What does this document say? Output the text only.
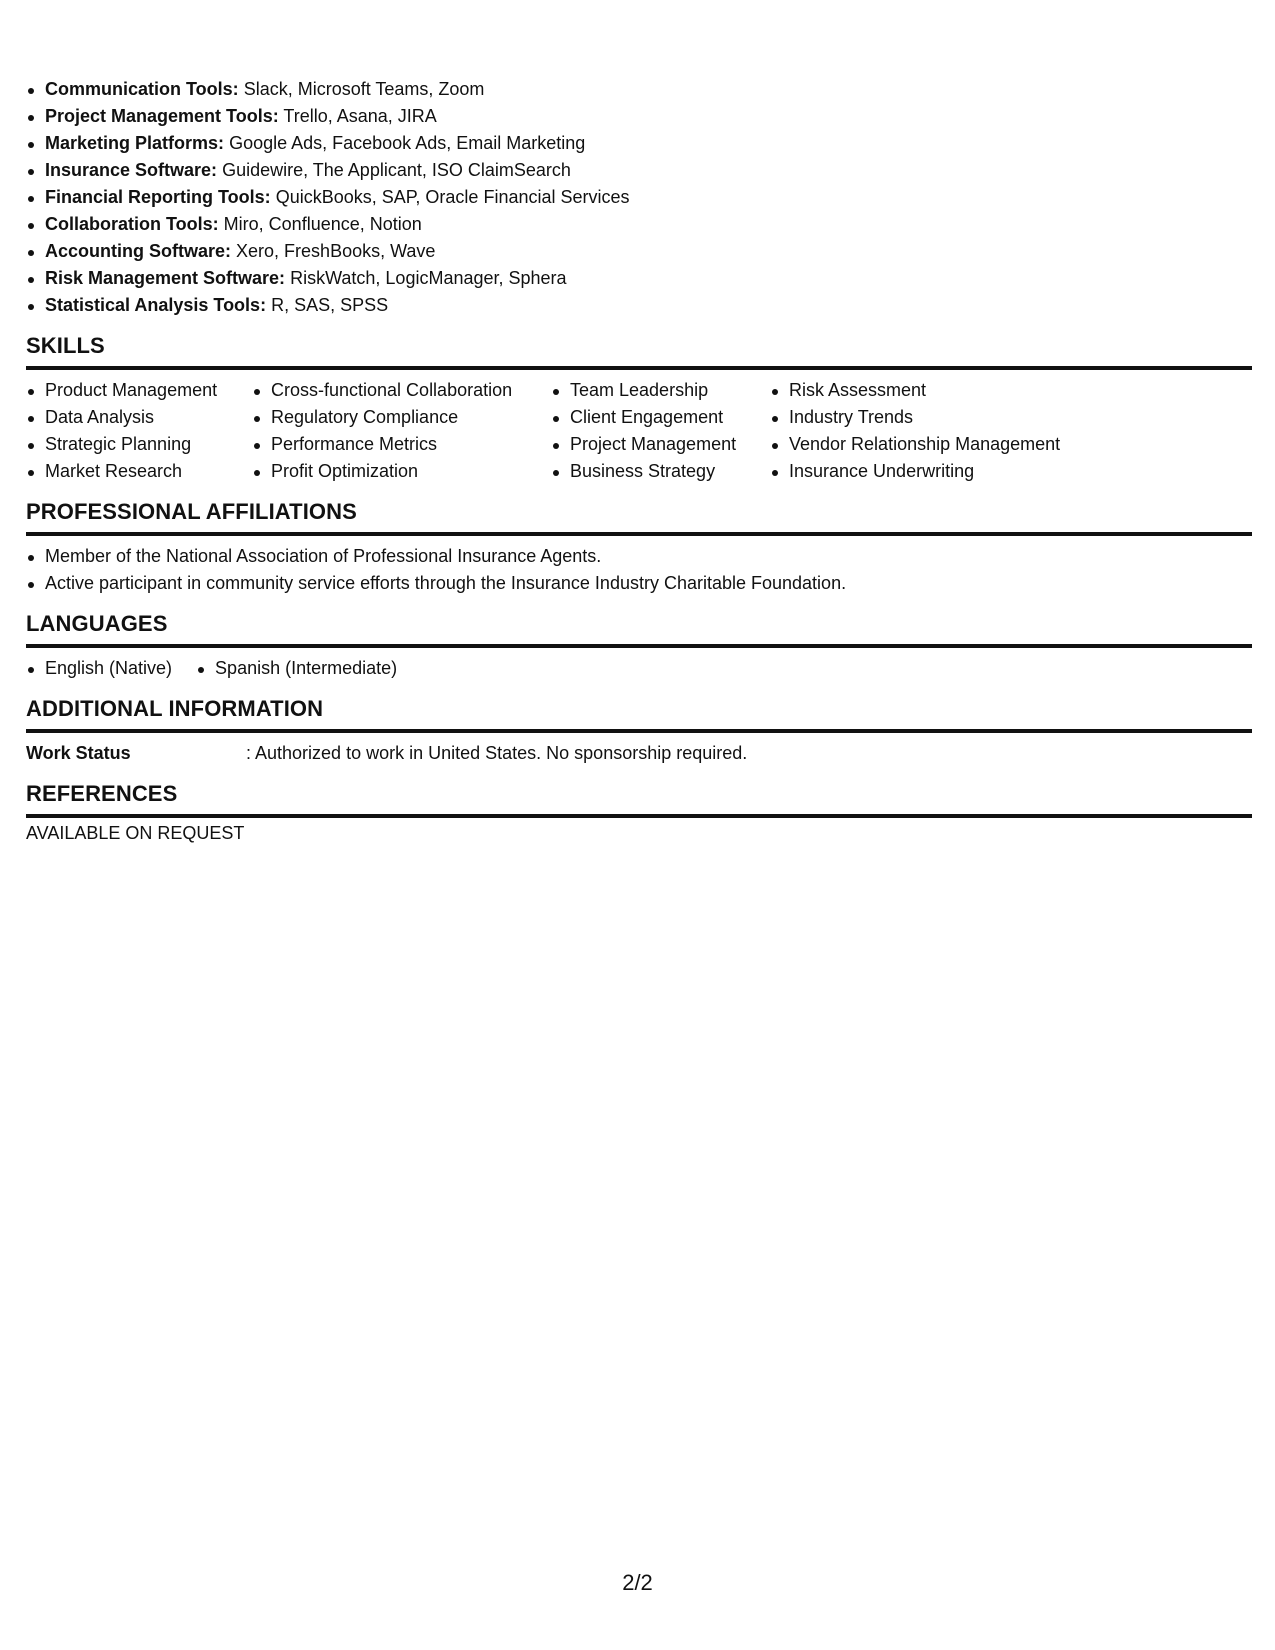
Communication Tools: Slack, Microsoft Teams, Zoom
Project Management Tools: Trello, Asana, JIRA
Marketing Platforms: Google Ads, Facebook Ads, Email Marketing
Insurance Software: Guidewire, The Applicant, ISO ClaimSearch
Financial Reporting Tools: QuickBooks, SAP, Oracle Financial Services
Collaboration Tools: Miro, Confluence, Notion
Accounting Software: Xero, FreshBooks, Wave
Risk Management Software: RiskWatch, LogicManager, Sphera
Statistical Analysis Tools: R, SAS, SPSS
SKILLS
Product Management
Data Analysis
Strategic Planning
Market Research
Cross-functional Collaboration
Regulatory Compliance
Performance Metrics
Profit Optimization
Team Leadership
Client Engagement
Project Management
Business Strategy
Risk Assessment
Industry Trends
Vendor Relationship Management
Insurance Underwriting
PROFESSIONAL AFFILIATIONS
Member of the National Association of Professional Insurance Agents.
Active participant in community service efforts through the Insurance Industry Charitable Foundation.
LANGUAGES
English (Native)	Spanish (Intermediate)
ADDITIONAL INFORMATION
Work Status	: Authorized to work in United States. No sponsorship required.
REFERENCES
AVAILABLE ON REQUEST
2/2
